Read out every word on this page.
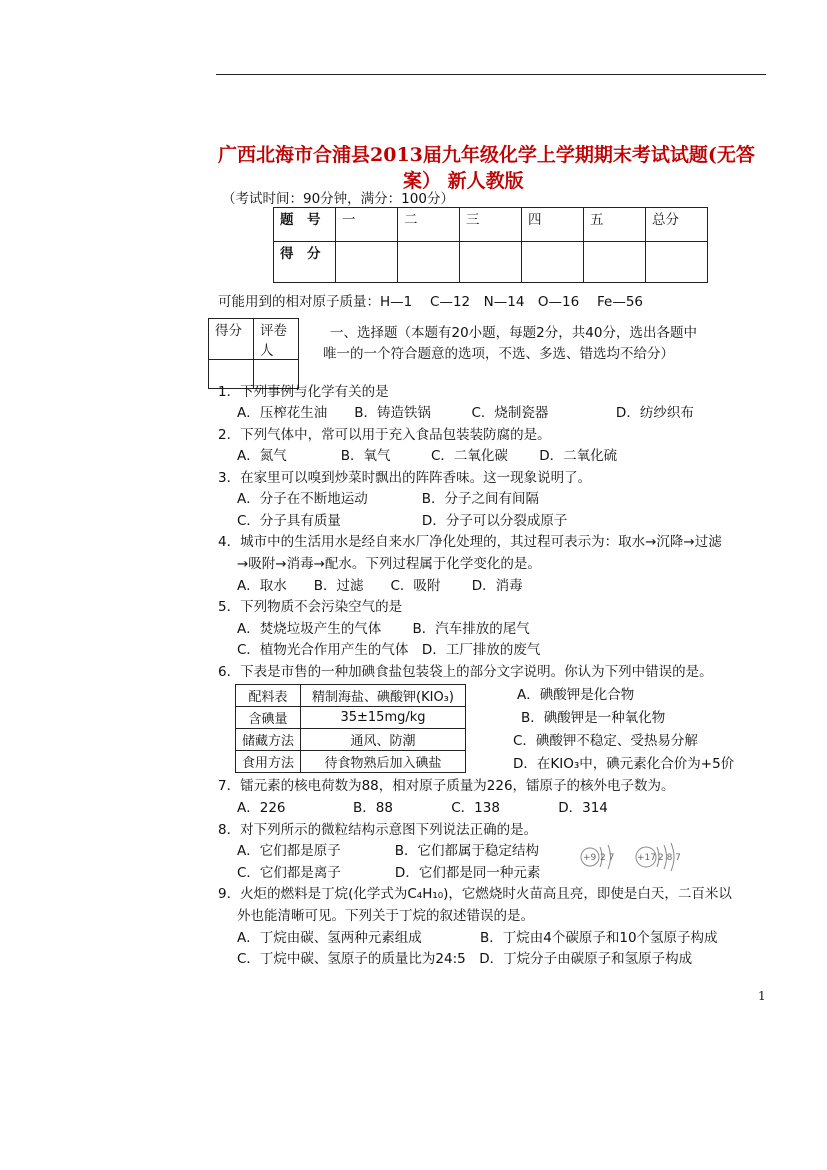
广西北海市合浦县2013届九年级化学上学期期末考试试题(无答
案） 新人教版
（考试时间：90分钟，满分：100分）
题　号	一	二	三	四	五	总分
得　分						
可能用到的相对原子质量：H—1　 C—12　N—14　O—16　 Fe—56
得分	评卷人

一、选择题（本题有20小题，每题2分，共40分，选出各题中
唯一的一个符合题意的选项，不选、多选、错选均不给分）
1．下列事例与化学有关的是
A．压榨花生油　　B．铸造铁锅　　　C．烧制瓷器　　　　　D．纺纱织布
2．下列气体中，常可以用于充入食品包装装防腐的是。
A．氮气　　　　B．氧气　　　C．二氧化碳　　 D．二氧化硫
3．在家里可以嗅到炒菜时飘出的阵阵香味。这一现象说明了。
A．分子在不断地运动　　　　B．分子之间有间隔
C．分子具有质量　　　　　　D．分子可以分裂成原子
4．城市中的生活用水是经自来水厂净化处理的，其过程可表示为：取水→沉降→过滤
→吸附→消毒→配水。下列过程属于化学变化的是。
A．取水　　B．过滤　　C．吸附　　 D．消毒
5．下列物质不会污染空气的是
A．焚烧垃圾产生的气体　　 B．汽车排放的尾气
C．植物光合作用产生的气体　D．工厂排放的废气
6．下表是市售的一种加碘食盐包装袋上的部分文字说明。你认为下列中错误的是。
配料表	精制海盐、碘酸钾(KIO₃)
含碘量	35±15mg/kg
储藏方法	通风、防潮
食用方法	待食物熟后加入碘盐
A．碘酸钾是化合物
B．碘酸钾是一种氧化物
C．碘酸钾不稳定、受热易分解
D．在KIO₃中，碘元素化合价为+5价
7．镭元素的核电荷数为88，相对原子质量为226，镭原子的核外电子数为。
A．226　　　　　B．88　　　　 C．138　　　　 D．314
8．对下列所示的微粒结构示意图下列说法正确的是。
A．它们都是原子　　　　B．它们都属于稳定结构
C．它们都是离子　　　　D．它们都是同一种元素
+9 2 7	+17 2 8 7
9．火炬的燃料是丁烷(化学式为C₄H₁₀)，它燃烧时火苗高且亮，即使是白天，二百米以
外也能清晰可见。下列关于丁烷的叙述错误的是。
A．丁烷由碳、氢两种元素组成　　　　 B．丁烷由4个碳原子和10个氢原子构成
C．丁烷中碳、氢原子的质量比为24:5　D．丁烷分子由碳原子和氢原子构成
1
